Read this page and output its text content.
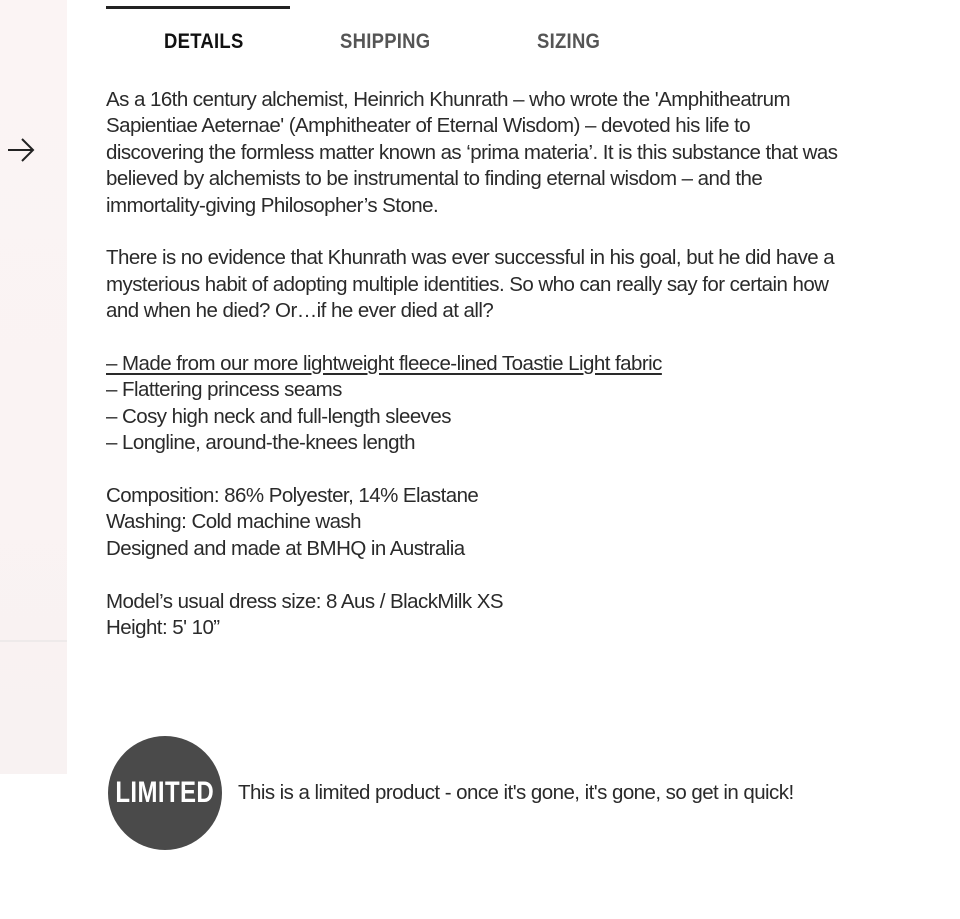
DETAILS	SHIPPING	SIZING

As a 16th century alchemist, Heinrich Khunrath – who wrote the 'Amphitheatrum
Sapientiae Aeternae' (Amphitheater of Eternal Wisdom) – devoted his life to
discovering the formless matter known as ‘prima materia’. It is this substance that was
believed by alchemists to be instrumental to finding eternal wisdom – and the
immortality-giving Philosopher’s Stone.

There is no evidence that Khunrath was ever successful in his goal, but he did have a
mysterious habit of adopting multiple identities. So who can really say for certain how
and when he died? Or…if he ever died at all?

– Made from our more lightweight fleece-lined Toastie Light fabric
– Flattering princess seams
– Cosy high neck and full-length sleeves
– Longline, around-the-knees length

Composition: 86% Polyester, 14% Elastane
Washing: Cold machine wash
Designed and made at BMHQ in Australia

Model’s usual dress size: 8 Aus / BlackMilk XS
Height: 5' 10”

LIMITED This is a limited product - once it's gone, it's gone, so get in quick!
